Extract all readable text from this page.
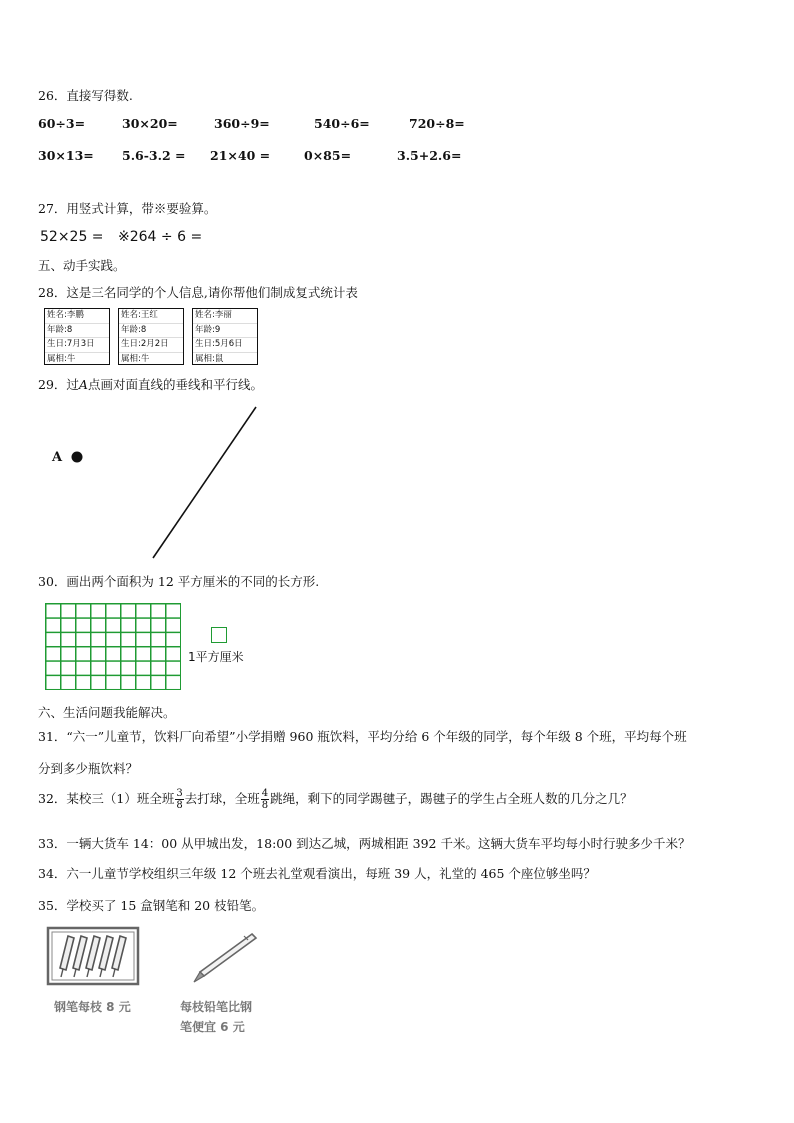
26．直接写得数.
60÷3=	30×20=	360÷9=	540÷6=	720÷8=
30×13= 5.6-3.2 = 21×40 =	0×85=	3.5+2.6=
27．用竖式计算，带※要验算。
52×25 = ※264 ÷ 6 =
五、动手实践。
28．这是三名同学的个人信息,请你帮他们制成复式统计表
姓名:李鹏
年龄:8
生日:7月3日
属相:牛
姓名:王红
年龄:8
生日:2月2日
属相:牛
姓名:李丽
年龄:9
生日:5月6日
属相:鼠
29．过A点画对面直线的垂线和平行线。
A
30．画出两个面积为 12 平方厘米的不同的长方形.
1平方厘米
六、生活问题我能解决。
31．“六一”儿童节，饮料厂向希望”小学捐赠 960 瓶饮料，平均分给 6 个年级的同学，每个年级 8 个班，平均每个班
分到多少瓶饮料？
32．某校三（1）班全班 $\frac{3}{8}$ 去打球，全班 $\frac{4}{8}$ 跳绳，剩下的同学踢毽子，踢毽子的学生占全班人数的几分之几？
33．一辆大货车 14：00 从甲城出发，18:00 到达乙城，两城相距 392 千米。这辆大货车平均每小时行驶多少千米？
34．六一儿童节学校组织三年级 12 个班去礼堂观看演出，每班 39 人，礼堂的 465 个座位够坐吗？
35．学校买了 15 盒钢笔和 20 枝铅笔。
钢笔每枝 8 元	每枝铅笔比钢
笔便宜 6 元
